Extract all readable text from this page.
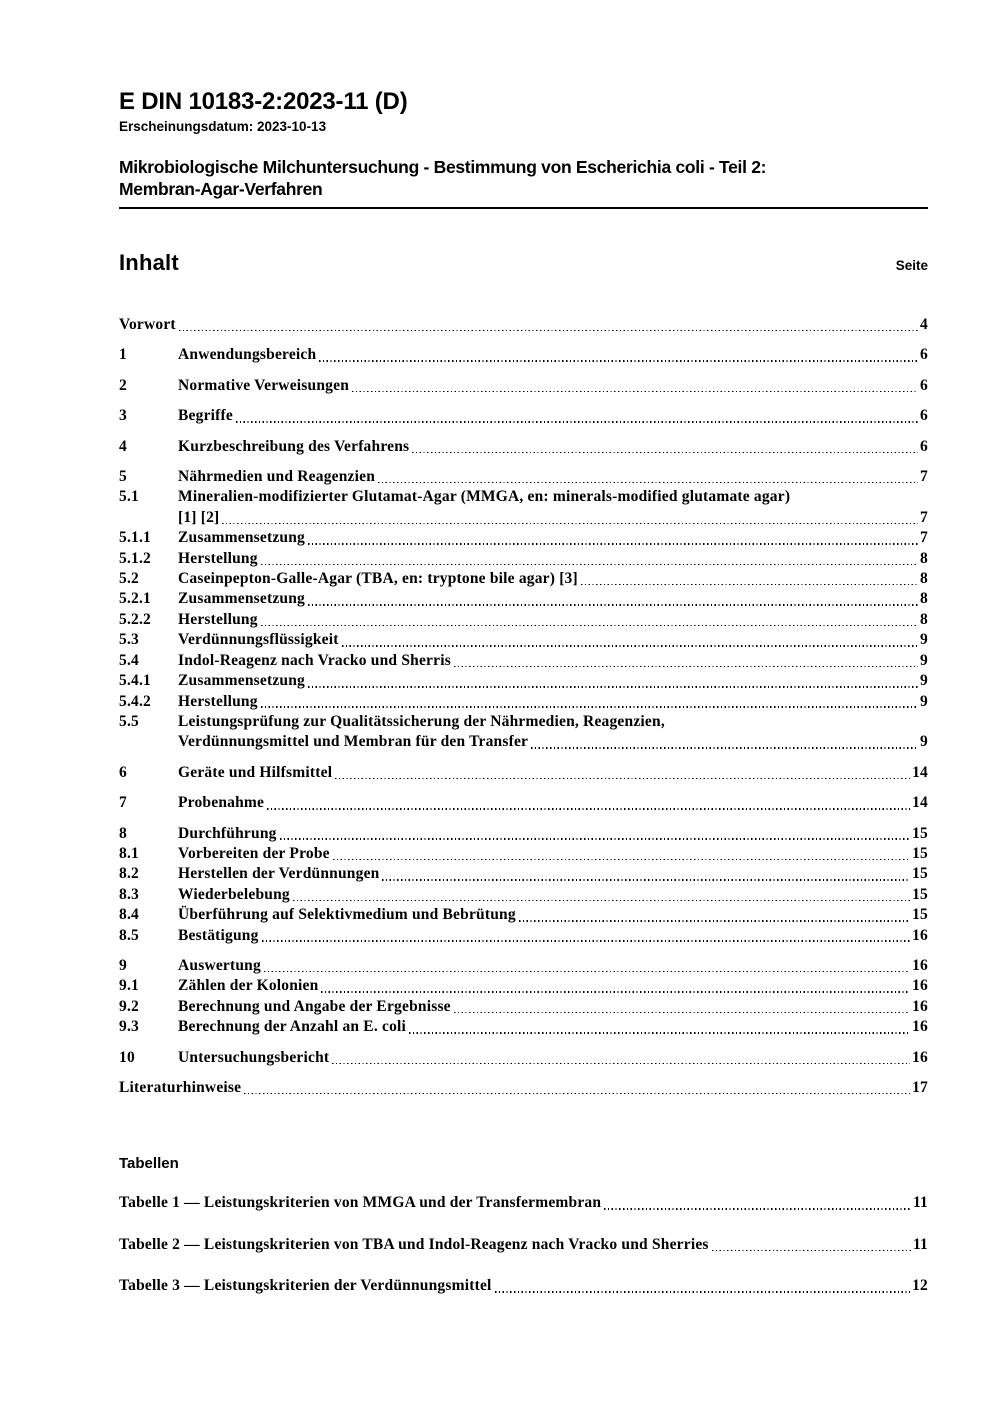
E DIN 10183-2:2023-11 (D)
Erscheinungsdatum: 2023-10-13
Mikrobiologische Milchuntersuchung - Bestimmung von Escherichia coli - Teil 2:
Membran-Agar-Verfahren
Inhalt	Seite
Vorwort	4
1	Anwendungsbereich	6
2	Normative Verweisungen	6
3	Begriffe	6
4	Kurzbeschreibung des Verfahrens	6
5	Nährmedien und Reagenzien	7
5.1	Mineralien-modifizierter Glutamat-Agar (MMGA, en: minerals-modified glutamate agar)
[1] [2]	7
5.1.1	Zusammensetzung	7
5.1.2	Herstellung	8
5.2	Caseinpepton-Galle-Agar (TBA, en: tryptone bile agar) [3]	8
5.2.1	Zusammensetzung	8
5.2.2	Herstellung	8
5.3	Verdünnungsflüssigkeit	9
5.4	Indol-Reagenz nach Vracko und Sherris	9
5.4.1	Zusammensetzung	9
5.4.2	Herstellung	9
5.5	Leistungsprüfung zur Qualitätssicherung der Nährmedien, Reagenzien,
Verdünnungsmittel und Membran für den Transfer	9
6	Geräte und Hilfsmittel	14
7	Probenahme	14
8	Durchführung	15
8.1	Vorbereiten der Probe	15
8.2	Herstellen der Verdünnungen	15
8.3	Wiederbelebung	15
8.4	Überführung auf Selektivmedium und Bebrütung	15
8.5	Bestätigung	16
9	Auswertung	16
9.1	Zählen der Kolonien	16
9.2	Berechnung und Angabe der Ergebnisse	16
9.3	Berechnung der Anzahl an E. coli	16
10	Untersuchungsbericht	16
Literaturhinweise	17
Tabellen
Tabelle 1 — Leistungskriterien von MMGA und der Transfermembran	11
Tabelle 2 — Leistungskriterien von TBA und Indol-Reagenz nach Vracko und Sherries	11
Tabelle 3 — Leistungskriterien der Verdünnungsmittel	12
